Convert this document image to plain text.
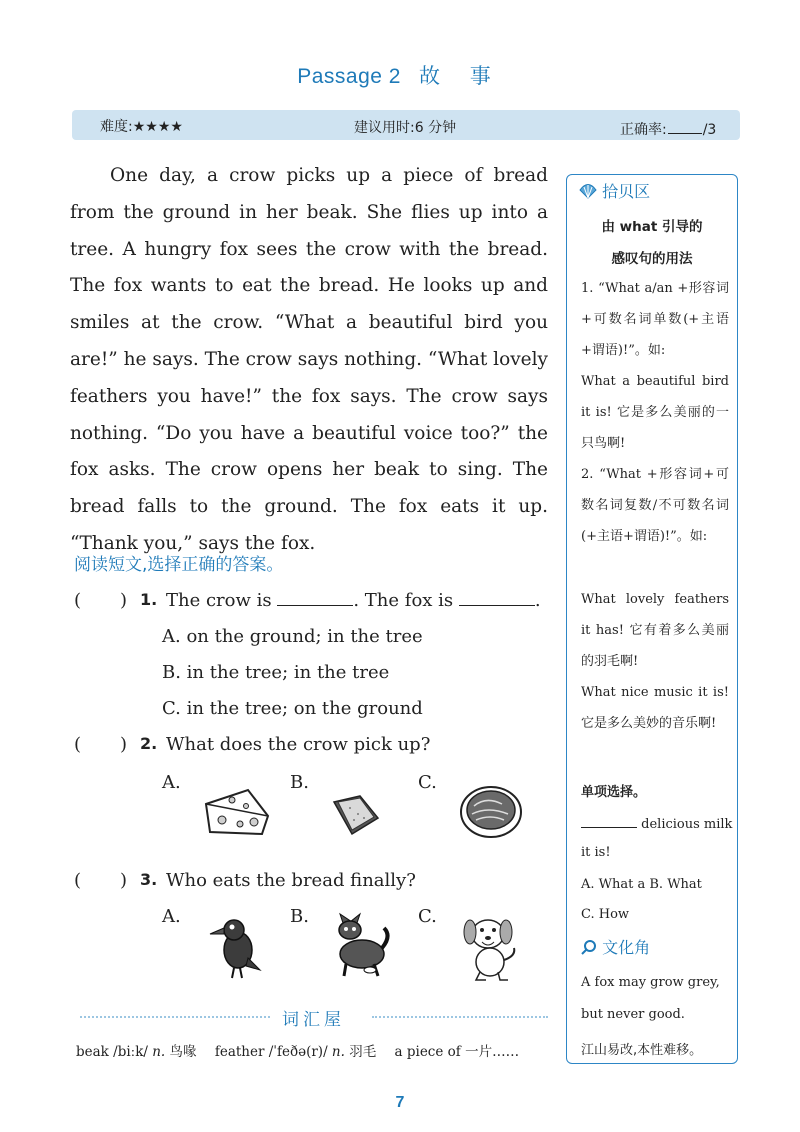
Passage 2 故 事
难度:★★★★	建议用时:6 分钟	正确率:	/3

One day, a crow picks up a piece of bread from the ground in her beak. She flies up into a tree. A hungry fox sees the crow with the bread. The fox wants to eat the bread. He looks up and smiles at the crow. “What a beautiful bird you are!” he says. The crow says nothing. “What lovely feathers you have!” the fox says. The crow says nothing. “Do you have a beautiful voice too?” the fox asks. The crow opens her beak to sing. The bread falls to the ground. The fox eats it up. “Thank you,” says the fox.

阅读短文,选择正确的答案。
( ) 1. The crow is	. The fox is	.
A. on the ground; in the tree
B. in the tree; in the tree
C. in the tree; on the ground
( ) 2. What does the crow pick up?
A.	B.	C.
( ) 3. Who eats the bread finally?
A.	B.	C.
词汇屋
beak /biːk/ n. 鸟喙 feather /ˈfeðə(r)/ n. 羽毛 a piece of 一片……
拾贝区
由 what 引导的
感叹句的用法
1. “What a/an +形容词+可数名词单数(+主语+谓语)!”。如:
What a beautiful bird it is! 它是多么美丽的一只鸟啊!
2. “What +形容词+可数名词复数/不可数名词(+主语+谓语)!”。如:
What lovely feathers it has! 它有着多么美丽的羽毛啊!
What nice music it is! 它是多么美妙的音乐啊!
单项选择。
delicious milk
it is!
A. What a B. What
C. How
文化角
A fox may grow grey,
but never good.
江山易改,本性难移。
7
